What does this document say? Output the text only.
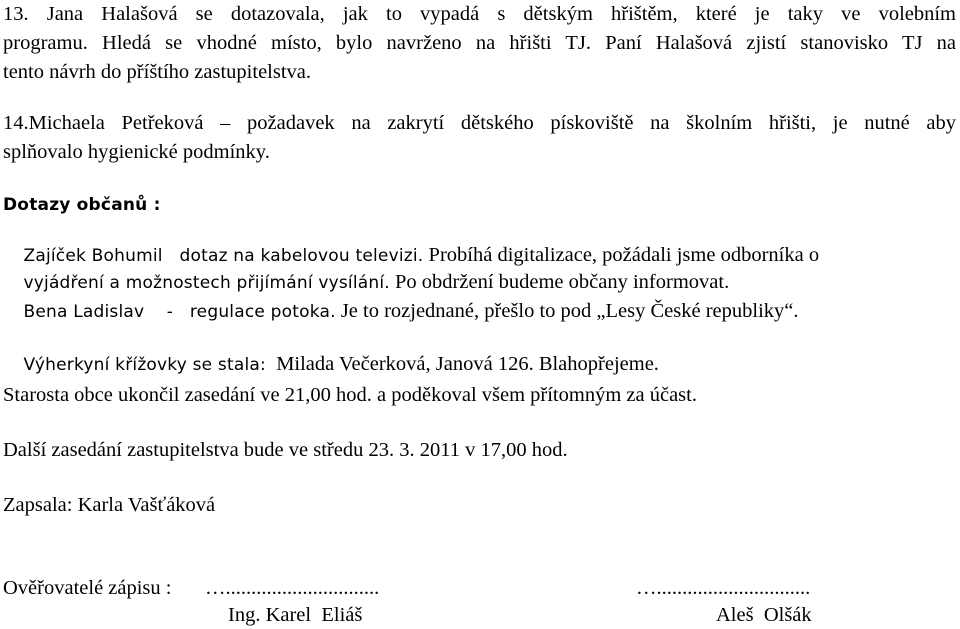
13. Jana Halašová se dotazovala, jak to vypadá s dětským hřištěm, které je taky ve volebním
programu. Hledá se vhodné místo, bylo navrženo na hřišti TJ. Paní Halašová zjistí stanovisko TJ na
tento návrh do příštího zastupitelstva.
14.Michaela Petřeková – požadavek na zakrytí dětského pískoviště na školním hřišti, je nutné aby
splňovalo hygienické podmínky.
Dotazy občanů :

Zajíček Bohumil dotaz na kabelovou televizi. Probíhá digitalizace, požádali jsme odborníka o

vyjádření a možnostech přijímání vysílání. Po obdržení budeme občany informovat.

Bena Ladislav - regulace potoka. Je to rozjednané, přešlo to pod „Lesy České republiky“.

Výherkyní křížovky se stala: Milada Večerková, Janová 126. Blahopřejeme.

Starosta obce ukončil zasedání ve 21,00 hod. a poděkoval všem přítomným za účast.
Další zasedání zastupitelstva bude ve středu 23. 3. 2011 v 17,00 hod.
Zapsala: Karla Vašťáková
Ověřovatelé zápisu : …..............................	…..............................
Ing. Karel  Eliáš	Aleš  Olšák
